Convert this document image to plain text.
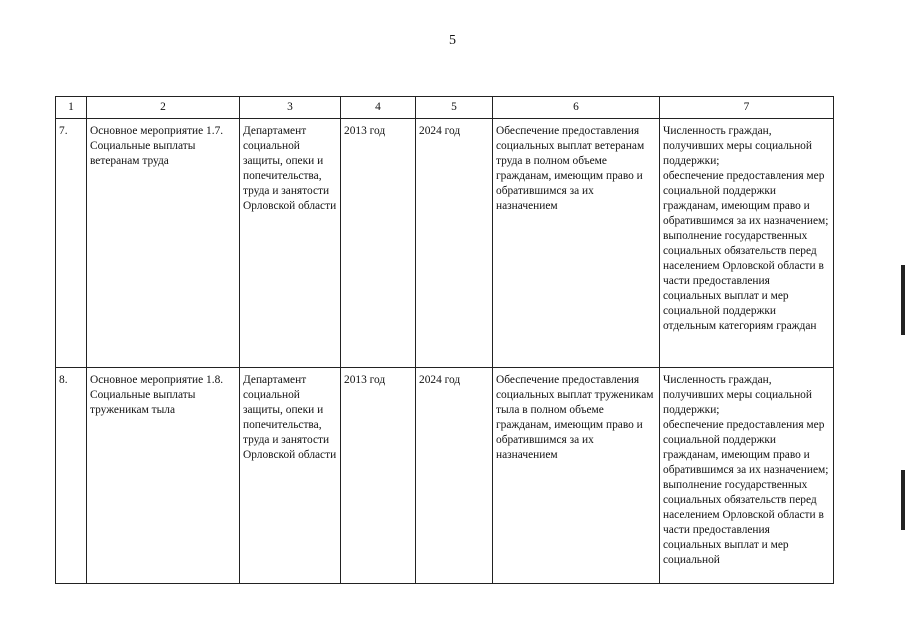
5
1	2	3	4	5	6	7
7.	Основное мероприятие 1.7.
Социальные выплаты ветеранам труда	Департамент социальной защиты, опеки и попечительства, труда и занятости Орловской области	2013 год	2024 год	Обеспечение предоставления социальных выплат ветеранам труда в полном объеме гражданам, имеющим право и обратившимся за их назначением	Численность граждан, получивших меры социальной поддержки;
обеспечение предоставления мер социальной поддержки гражданам, имеющим право и обратившимся за их назначением;
выполнение государственных социальных обязательств перед населением Орловской области в части предоставления социальных выплат и мер социальной поддержки отдельным категориям граждан
8.	Основное мероприятие 1.8.
Социальные выплаты труженикам тыла	Департамент социальной защиты, опеки и попечительства, труда и занятости Орловской области	2013 год	2024 год	Обеспечение предоставления социальных выплат труженикам тыла в полном объеме гражданам, имеющим право и обратившимся за их назначением	Численность граждан, получивших меры социальной поддержки;
обеспечение предоставления мер социальной поддержки гражданам, имеющим право и обратившимся за их назначением;
выполнение государственных социальных обязательств перед населением Орловской области в части предоставления социальных выплат и мер социальной
